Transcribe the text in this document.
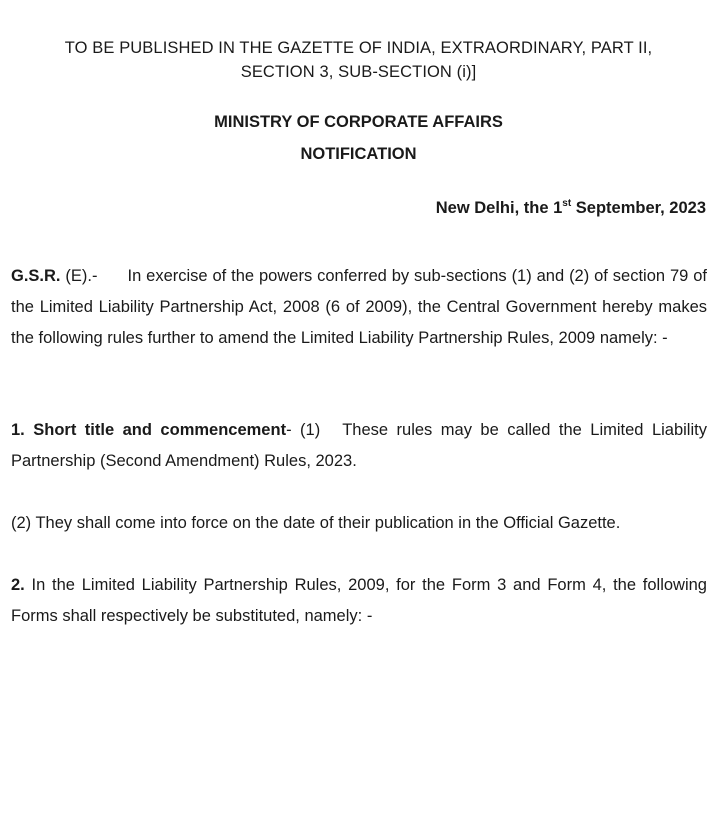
TO BE PUBLISHED IN THE GAZETTE OF INDIA, EXTRAORDINARY, PART II,
SECTION 3, SUB-SECTION (i)]
MINISTRY OF CORPORATE AFFAIRS
NOTIFICATION
New Delhi, the 1st September, 2023
G.S.R. (E).- In exercise of the powers conferred by sub-sections (1) and (2) of section 79 of the Limited Liability Partnership Act, 2008 (6 of 2009), the Central Government hereby makes the following rules further to amend the Limited Liability Partnership Rules, 2009 namely: -
1. Short title and commencement- (1) These rules may be called the Limited Liability Partnership (Second Amendment) Rules, 2023.
(2) They shall come into force on the date of their publication in the Official Gazette.
2. In the Limited Liability Partnership Rules, 2009, for the Form 3 and Form 4, the following Forms shall respectively be substituted, namely: -
